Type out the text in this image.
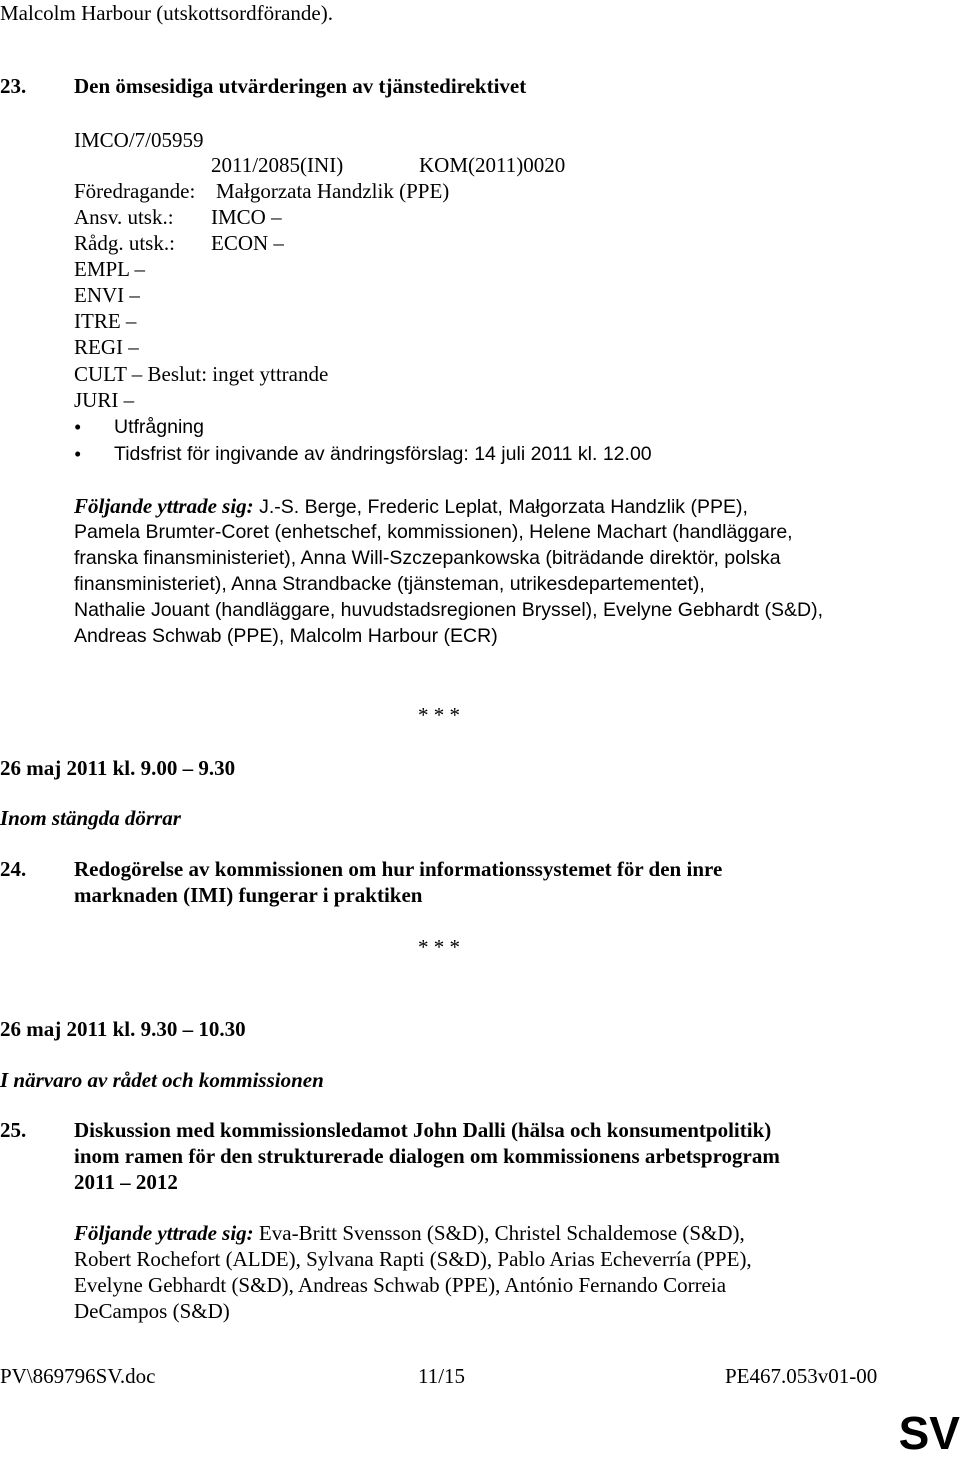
Malcolm Harbour (utskottsordförande).
23. Den ömsesidiga utvärderingen av tjänstedirektivet
IMCO/7/05959
2011/2085(INI)	KOM(2011)0020
Föredragande: Małgorzata Handzlik (PPE)
Ansv. utsk.: IMCO –
Rådg. utsk.: ECON –
EMPL –
ENVI –
ITRE –
REGI –
CULT – Beslut: inget yttrande
JURI –
• Utfrågning
• Tidsfrist för ingivande av ändringsförslag: 14 juli 2011 kl. 12.00
Följande yttrade sig: J.-S. Berge, Frederic Leplat, Małgorzata Handzlik (PPE),
Pamela Brumter-Coret (enhetschef, kommissionen), Helene Machart (handläggare,
franska finansministeriet), Anna Will-Szczepankowska (biträdande direktör, polska
finansministeriet), Anna Strandbacke (tjänsteman, utrikesdepartementet),
Nathalie Jouant (handläggare, huvudstadsregionen Bryssel), Evelyne Gebhardt (S&D),
Andreas Schwab (PPE), Malcolm Harbour (ECR)
* * *
26 maj 2011 kl. 9.00 – 9.30
Inom stängda dörrar
24. Redogörelse av kommissionen om hur informationssystemet för den inre
marknaden (IMI) fungerar i praktiken
* * *
26 maj 2011 kl. 9.30 – 10.30
I närvaro av rådet och kommissionen
25. Diskussion med kommissionsledamot John Dalli (hälsa och konsumentpolitik)
inom ramen för den strukturerade dialogen om kommissionens arbetsprogram
2011 – 2012
Följande yttrade sig: Eva-Britt Svensson (S&D), Christel Schaldemose (S&D),
Robert Rochefort (ALDE), Sylvana Rapti (S&D), Pablo Arias Echeverría (PPE),
Evelyne Gebhardt (S&D), Andreas Schwab (PPE), António Fernando Correia
DeCampos (S&D)
PV\869796SV.doc	11/15	PE467.053v01-00
SV
